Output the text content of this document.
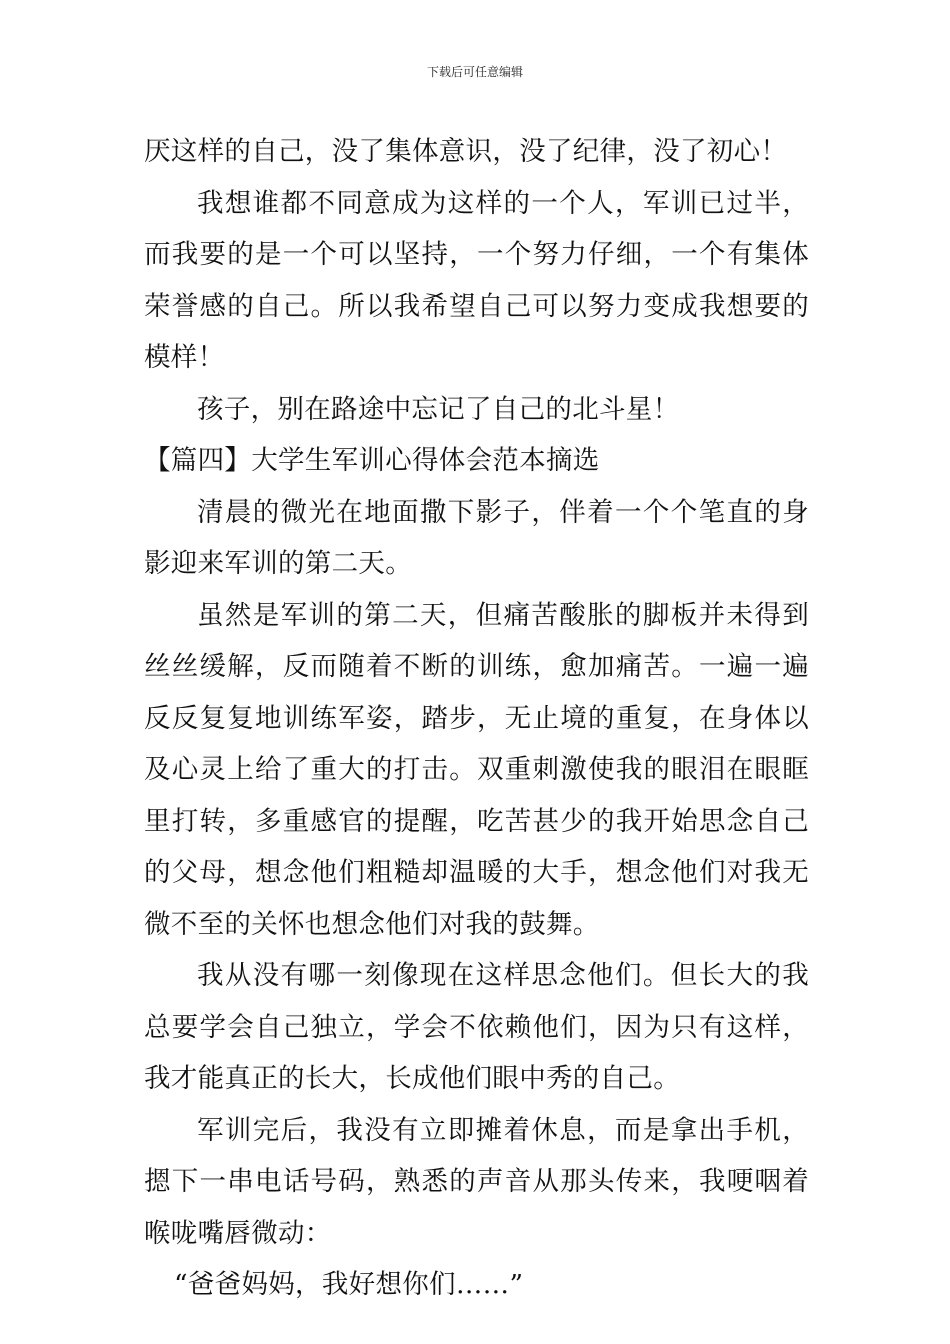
下载后可任意编辑

厌这样的自己，没了集体意识，没了纪律，没了初心！

我想谁都不同意成为这样的一个人，军训已过半，而我要的是一个可以坚持，一个努力仔细，一个有集体荣誉感的自己。所以我希望自己可以努力变成我想要的模样！

孩子，别在路途中忘记了自己的北斗星！

【篇四】大学生军训心得体会范本摘选

清晨的微光在地面撒下影子，伴着一个个笔直的身影迎来军训的第二天。

虽然是军训的第二天，但痛苦酸胀的脚板并未得到丝丝缓解，反而随着不断的训练，愈加痛苦。一遍一遍反反复复地训练军姿，踏步，无止境的重复，在身体以及心灵上给了重大的打击。双重刺激使我的眼泪在眼眶里打转，多重感官的提醒，吃苦甚少的我开始思念自己的父母，想念他们粗糙却温暖的大手，想念他们对我无微不至的关怀也想念他们对我的鼓舞。

我从没有哪一刻像现在这样思念他们。但长大的我总要学会自己独立，学会不依赖他们，因为只有这样，我才能真正的长大，长成他们眼中秀的自己。

军训完后，我没有立即摊着休息，而是拿出手机，摁下一串电话号码，熟悉的声音从那头传来，我哽咽着喉咙嘴唇微动：

“爸爸妈妈，我好想你们……”
